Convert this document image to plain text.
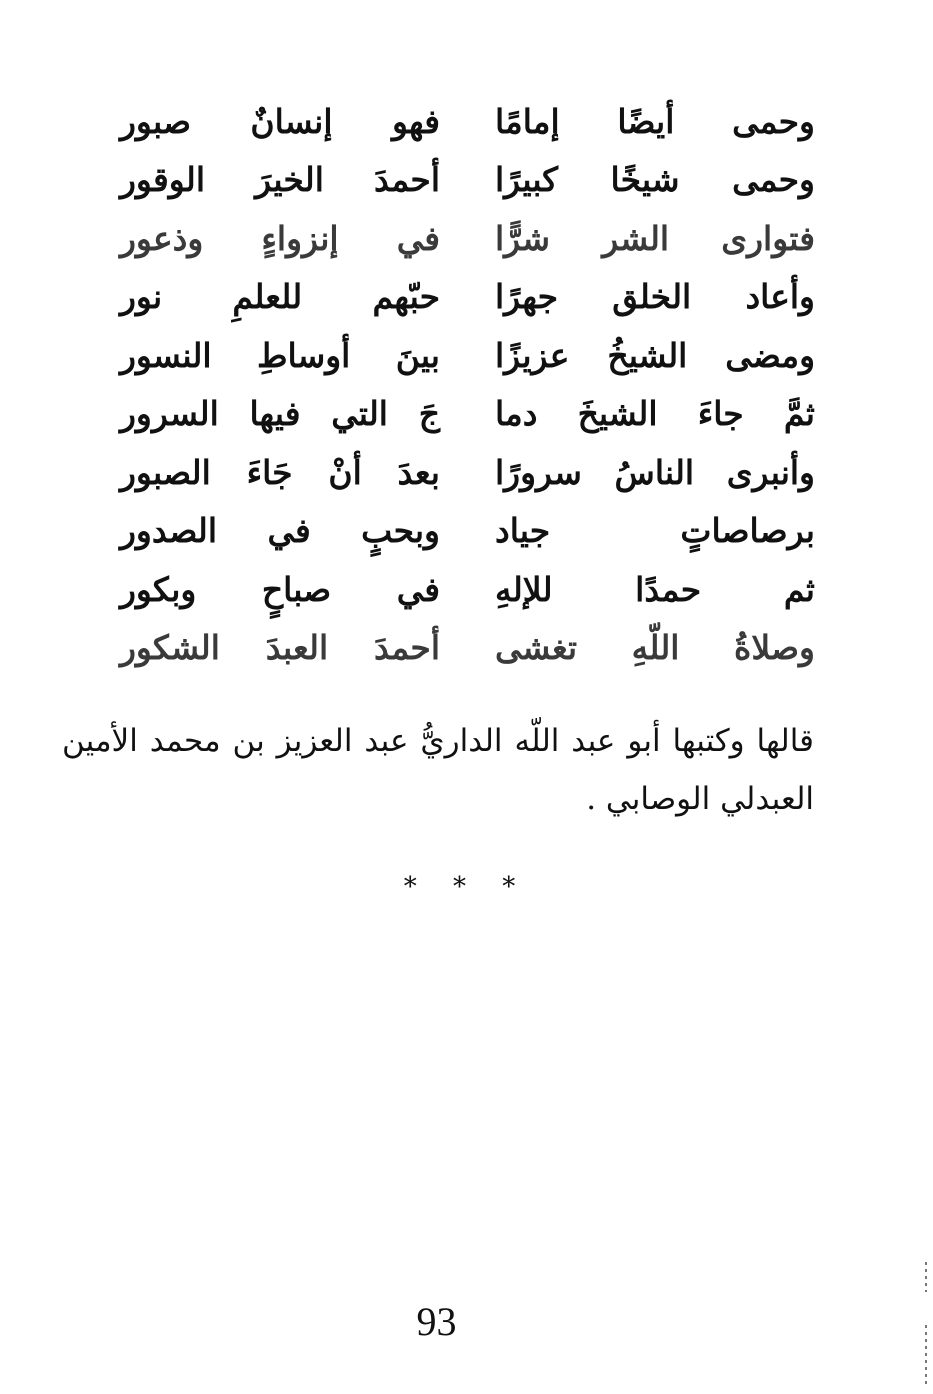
وحمى أيضًا إمامًا
فهو إنسانٌ صبور
وحمى شيخًا كبيرًا
أحمدَ الخيرَ الوقور
فتوارى الشر شرًّا
في إنزواءٍ وذعور
وأعاد الخلق جهرًا
حبّهم للعلمِ نور
ومضى الشيخُ عزيزًا
بينَ أوساطِ النسور
ثمَّ جاءَ الشيخَ دما
جَ التي فيها السرور
وأنبرى الناسُ سرورًا
بعدَ أنْ جَاءَ الصبور
برصاصاتٍ جياد
وبحبٍ في الصدور
ثم حمدًا للإلهِ
في صباحٍ وبكور
وصلاةُ اللّهِ تغشى
أحمدَ العبدَ الشكور
قالها وكتبها أبو عبد اللّه الداريُّ عبد العزيز بن محمد الأمين
العبدلي الوصابي .
* * *
93
